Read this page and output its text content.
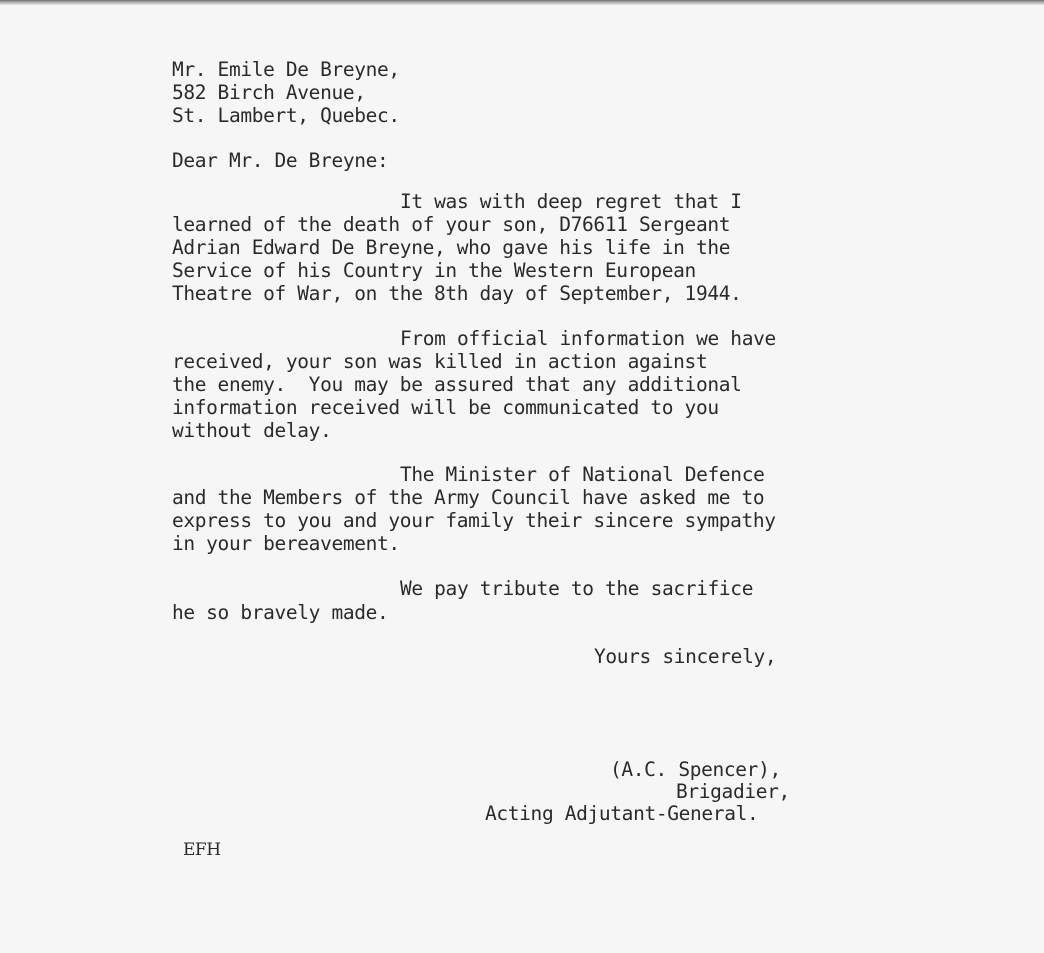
Mr. Emile De Breyne,
582 Birch Avenue,
St. Lambert, Quebec.
Dear Mr. De Breyne:
It was with deep regret that I
learned of the death of your son, D76611 Sergeant
Adrian Edward De Breyne, who gave his life in the
Service of his Country in the Western European
Theatre of War, on the 8th day of September, 1944.
From official information we have
received, your son was killed in action against
the enemy.  You may be assured that any additional
information received will be communicated to you
without delay.
The Minister of National Defence
and the Members of the Army Council have asked me to
express to you and your family their sincere sympathy
in your bereavement.
We pay tribute to the sacrifice
he so bravely made.
Yours sincerely,
(A.C. Spencer),
Brigadier,
Acting Adjutant-General.
EFH
